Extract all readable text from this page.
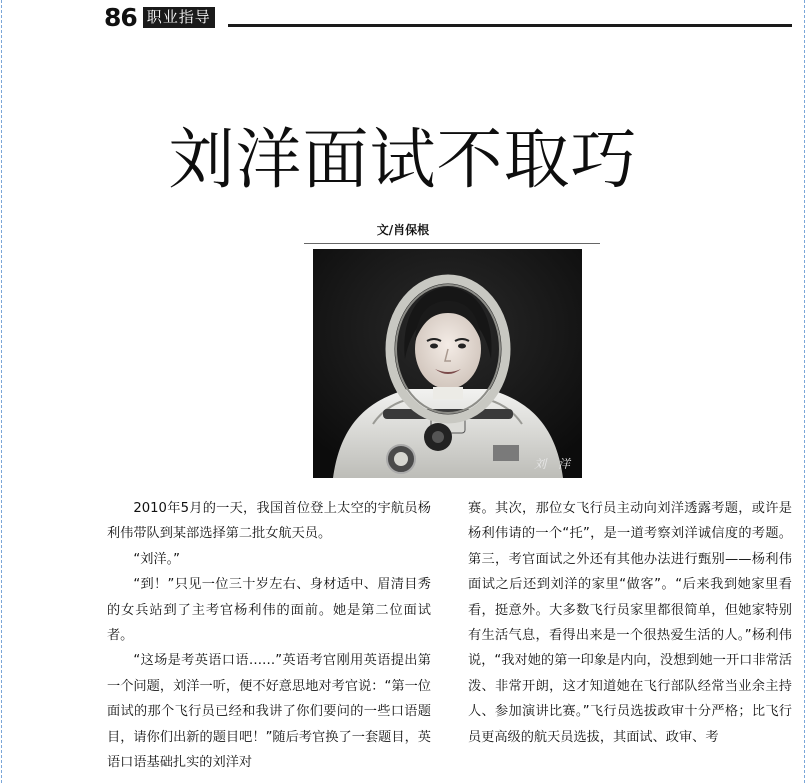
86 职业指导
刘洋面试不取巧
文/肖保根
刘 洋

2010年5月的一天，我国首位登上太空的宇航员杨利伟带队到某部选择第二批女航天员。

“刘洋。”

“到！”只见一位三十岁左右、身材适中、眉清目秀的女兵站到了主考官杨利伟的面前。她是第二位面试者。

“这场是考英语口语……”英语考官刚用英语提出第一个问题，刘洋一听，便不好意思地对考官说：“第一位面试的那个飞行员已经和我讲了你们要问的一些口语题目，请你们出新的题目吧！”随后考官换了一套题目，英语口语基础扎实的刘洋对

赛。其次，那位女飞行员主动向刘洋透露考题，或许是杨利伟请的一个“托”，是一道考察刘洋诚信度的考题。第三，考官面试之外还有其他办法进行甄别——杨利伟面试之后还到刘洋的家里“做客”。“后来我到她家里看看，挺意外。大多数飞行员家里都很简单，但她家特别有生活气息，看得出来是一个很热爱生活的人。”杨利伟说，“我对她的第一印象是内向，没想到她一开口非常活泼、非常开朗，这才知道她在飞行部队经常当业余主持人、参加演讲比赛。”飞行员选拔政审十分严格；比飞行员更高级的航天员选拔，其面试、政审、考
